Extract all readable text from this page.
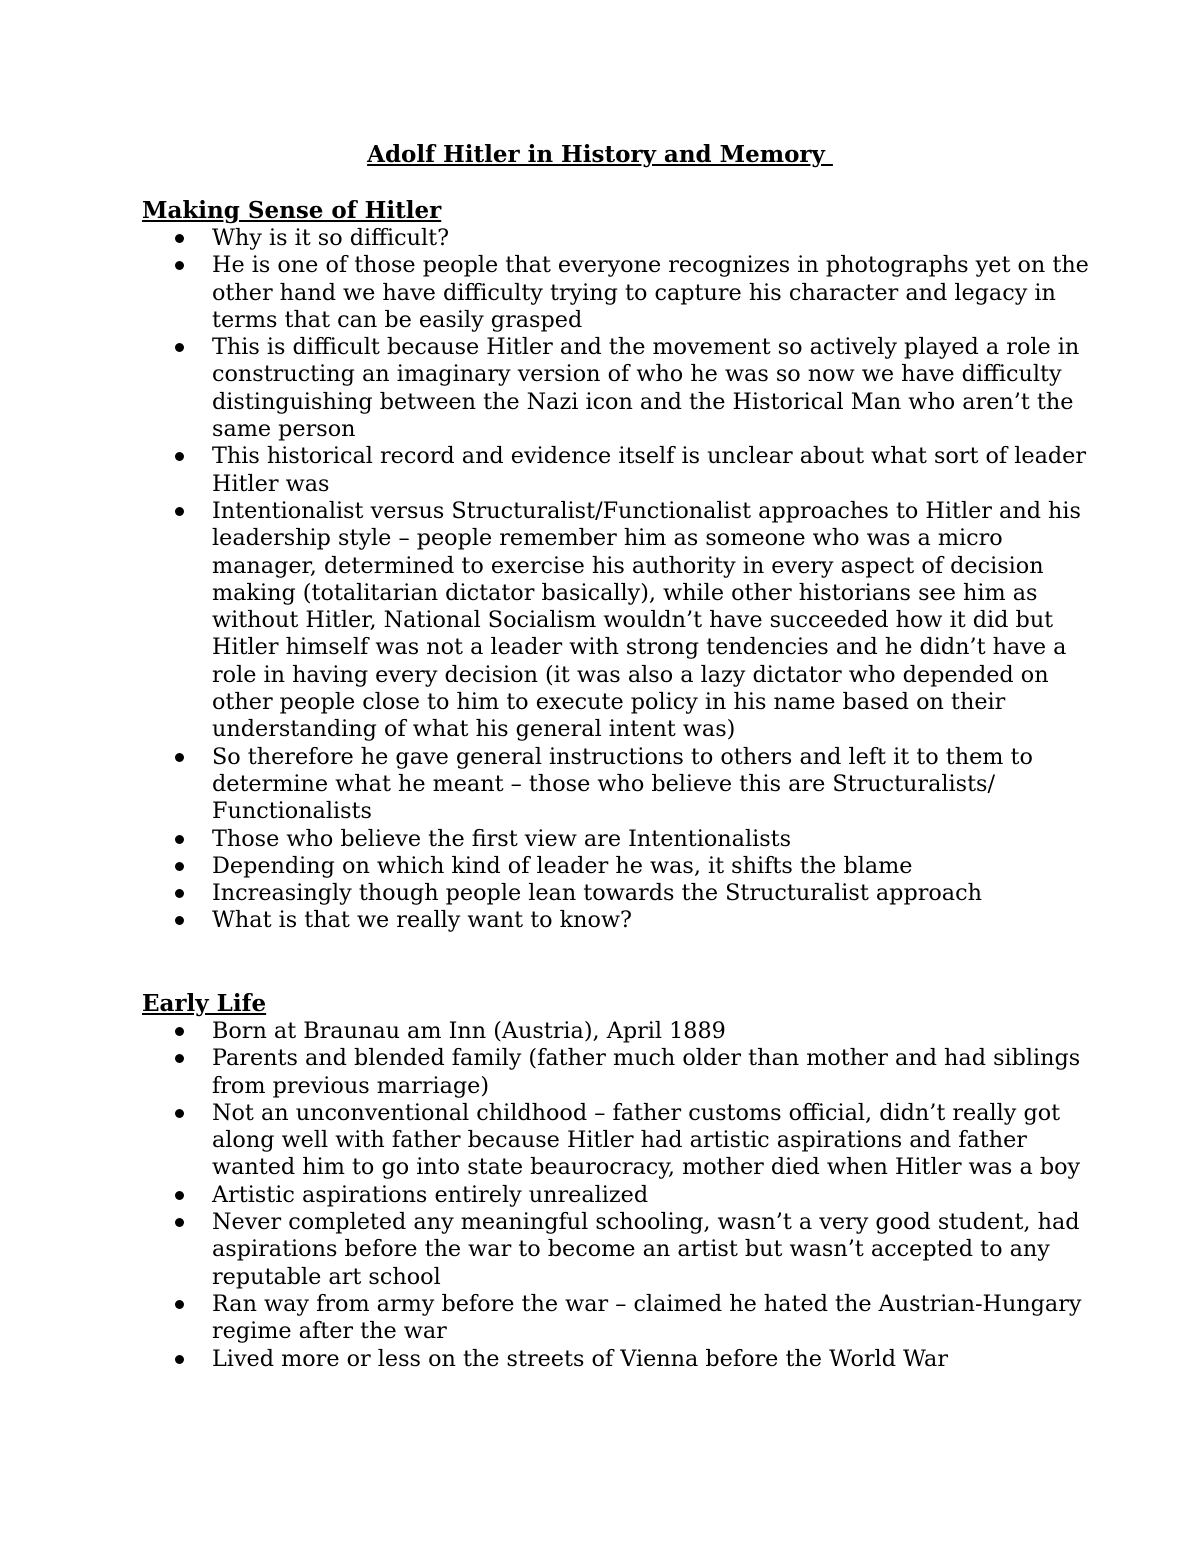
Adolf Hitler in History and Memory
Making Sense of Hitler
Why is it so difficult?
He is one of those people that everyone recognizes in photographs yet on the other hand we have difficulty trying to capture his character and legacy in terms that can be easily grasped
This is difficult because Hitler and the movement so actively played a role in constructing an imaginary version of who he was so now we have difficulty distinguishing between the Nazi icon and the Historical Man who aren’t the same person
This historical record and evidence itself is unclear about what sort of leader Hitler was
Intentionalist versus Structuralist/Functionalist approaches to Hitler and his leadership style – people remember him as someone who was a micro manager, determined to exercise his authority in every aspect of decision making (totalitarian dictator basically), while other historians see him as without Hitler, National Socialism wouldn’t have succeeded how it did but Hitler himself was not a leader with strong tendencies and he didn’t have a role in having every decision (it was also a lazy dictator who depended on other people close to him to execute policy in his name based on their understanding of what his general intent was)
So therefore he gave general instructions to others and left it to them to determine what he meant – those who believe this are Structuralists/ Functionalists
Those who believe the first view are Intentionalists
Depending on which kind of leader he was, it shifts the blame
Increasingly though people lean towards the Structuralist approach
What is that we really want to know?
Early Life
Born at Braunau am Inn (Austria), April 1889
Parents and blended family (father much older than mother and had siblings from previous marriage)
Not an unconventional childhood – father customs official, didn’t really got along well with father because Hitler had artistic aspirations and father wanted him to go into state beaurocracy, mother died when Hitler was a boy
Artistic aspirations entirely unrealized
Never completed any meaningful schooling, wasn’t a very good student, had aspirations before the war to become an artist but wasn’t accepted to any reputable art school
Ran way from army before the war – claimed he hated the Austrian-Hungary regime after the war
Lived more or less on the streets of Vienna before the World War
